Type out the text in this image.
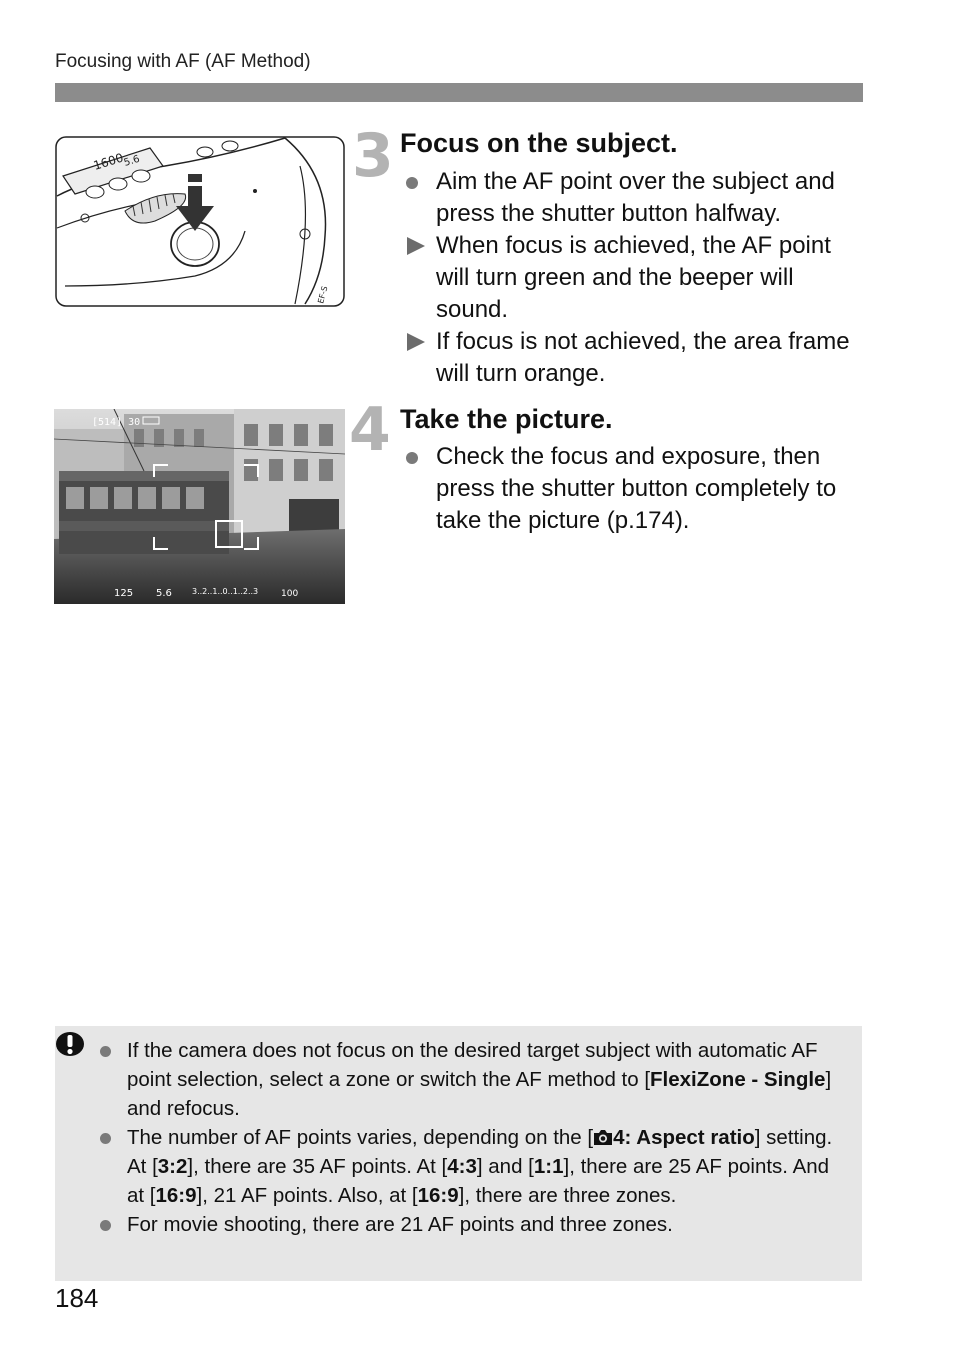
Focusing with AF (AF Method)
1600
5.6
EF-S
[514] 30
125 5.6	3..2..1..0..1..2..3	100
3 Focus on the subject.
Aim the AF point over the subject and press the shutter button halfway.
When focus is achieved, the AF point will turn green and the beeper will sound.
If focus is not achieved, the area frame will turn orange.
4 Take the picture.
Check the focus and exposure, then press the shutter button completely to take the picture (p.174).
If the camera does not focus on the desired target subject with automatic AF point selection, select a zone or switch the AF method to [FlexiZone - Single] and refocus.
The number of AF points varies, depending on the [ 4: Aspect ratio] setting. At [3:2], there are 35 AF points. At [4:3] and [1:1], there are 25 AF points. And at [16:9], 21 AF points. Also, at [16:9], there are three zones.
For movie shooting, there are 21 AF points and three zones.
184
